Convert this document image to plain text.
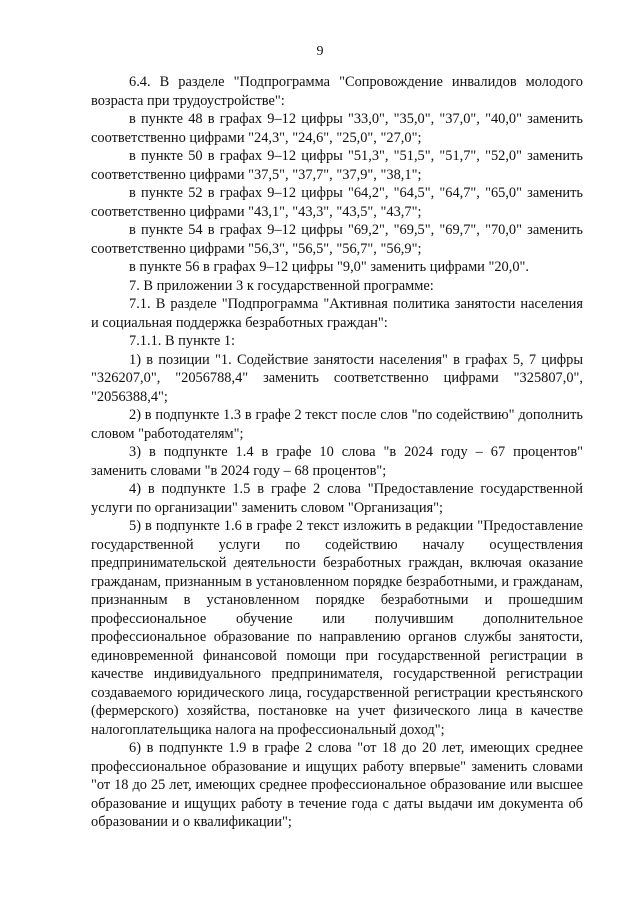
9

6.4. В разделе "Подпрограмма "Сопровождение инвалидов молодого возраста при трудоустройстве":

в пункте 48 в графах 9–12 цифры "33,0", "35,0", "37,0", "40,0" заменить соответственно цифрами "24,3", "24,6", "25,0", "27,0";

в пункте 50 в графах 9–12 цифры "51,3", "51,5", "51,7", "52,0" заменить соответственно цифрами "37,5", "37,7", "37,9", "38,1";

в пункте 52 в графах 9–12 цифры "64,2", "64,5", "64,7", "65,0" заменить соответственно цифрами "43,1", "43,3", "43,5", "43,7";

в пункте 54 в графах 9–12 цифры "69,2", "69,5", "69,7", "70,0" заменить соответственно цифрами "56,3", "56,5", "56,7", "56,9";

в пункте 56 в графах 9–12 цифры "9,0" заменить цифрами "20,0".

7. В приложении 3 к государственной программе:

7.1. В разделе "Подпрограмма "Активная политика занятости населения и социальная поддержка безработных граждан":

7.1.1. В пункте 1:

1) в позиции "1. Содействие занятости населения" в графах 5, 7 цифры "326207,0", "2056788,4" заменить соответственно цифрами "325807,0", "2056388,4";

2) в подпункте 1.3 в графе 2 текст после слов "по содействию" дополнить словом "работодателям";

3) в подпункте 1.4 в графе 10 слова "в 2024 году – 67 процентов" заменить словами "в 2024 году – 68 процентов";

4) в подпункте 1.5 в графе 2 слова "Предоставление государственной услуги по организации" заменить словом "Организация";

5) в подпункте 1.6 в графе 2 текст изложить в редакции "Предоставление государственной услуги по содействию началу осуществления предпринимательской деятельности безработных граждан, включая оказание гражданам, признанным в установленном порядке безработными, и гражданам, признанным в установленном порядке безработными и прошедшим профессиональное обучение или получившим дополнительное профессиональное образование по направлению органов службы занятости, единовременной финансовой помощи при государственной регистрации в качестве индивидуального предпринимателя, государственной регистрации создаваемого юридического лица, государственной регистрации крестьянского (фермерского) хозяйства, постановке на учет физического лица в качестве налогоплательщика налога на профессиональный доход";

6) в подпункте 1.9 в графе 2 слова "от 18 до 20 лет, имеющих среднее профессиональное образование и ищущих работу впервые" заменить словами "от 18 до 25 лет, имеющих среднее профессиональное образование или высшее образование и ищущих работу в течение года с даты выдачи им документа об образовании и о квалификации";
